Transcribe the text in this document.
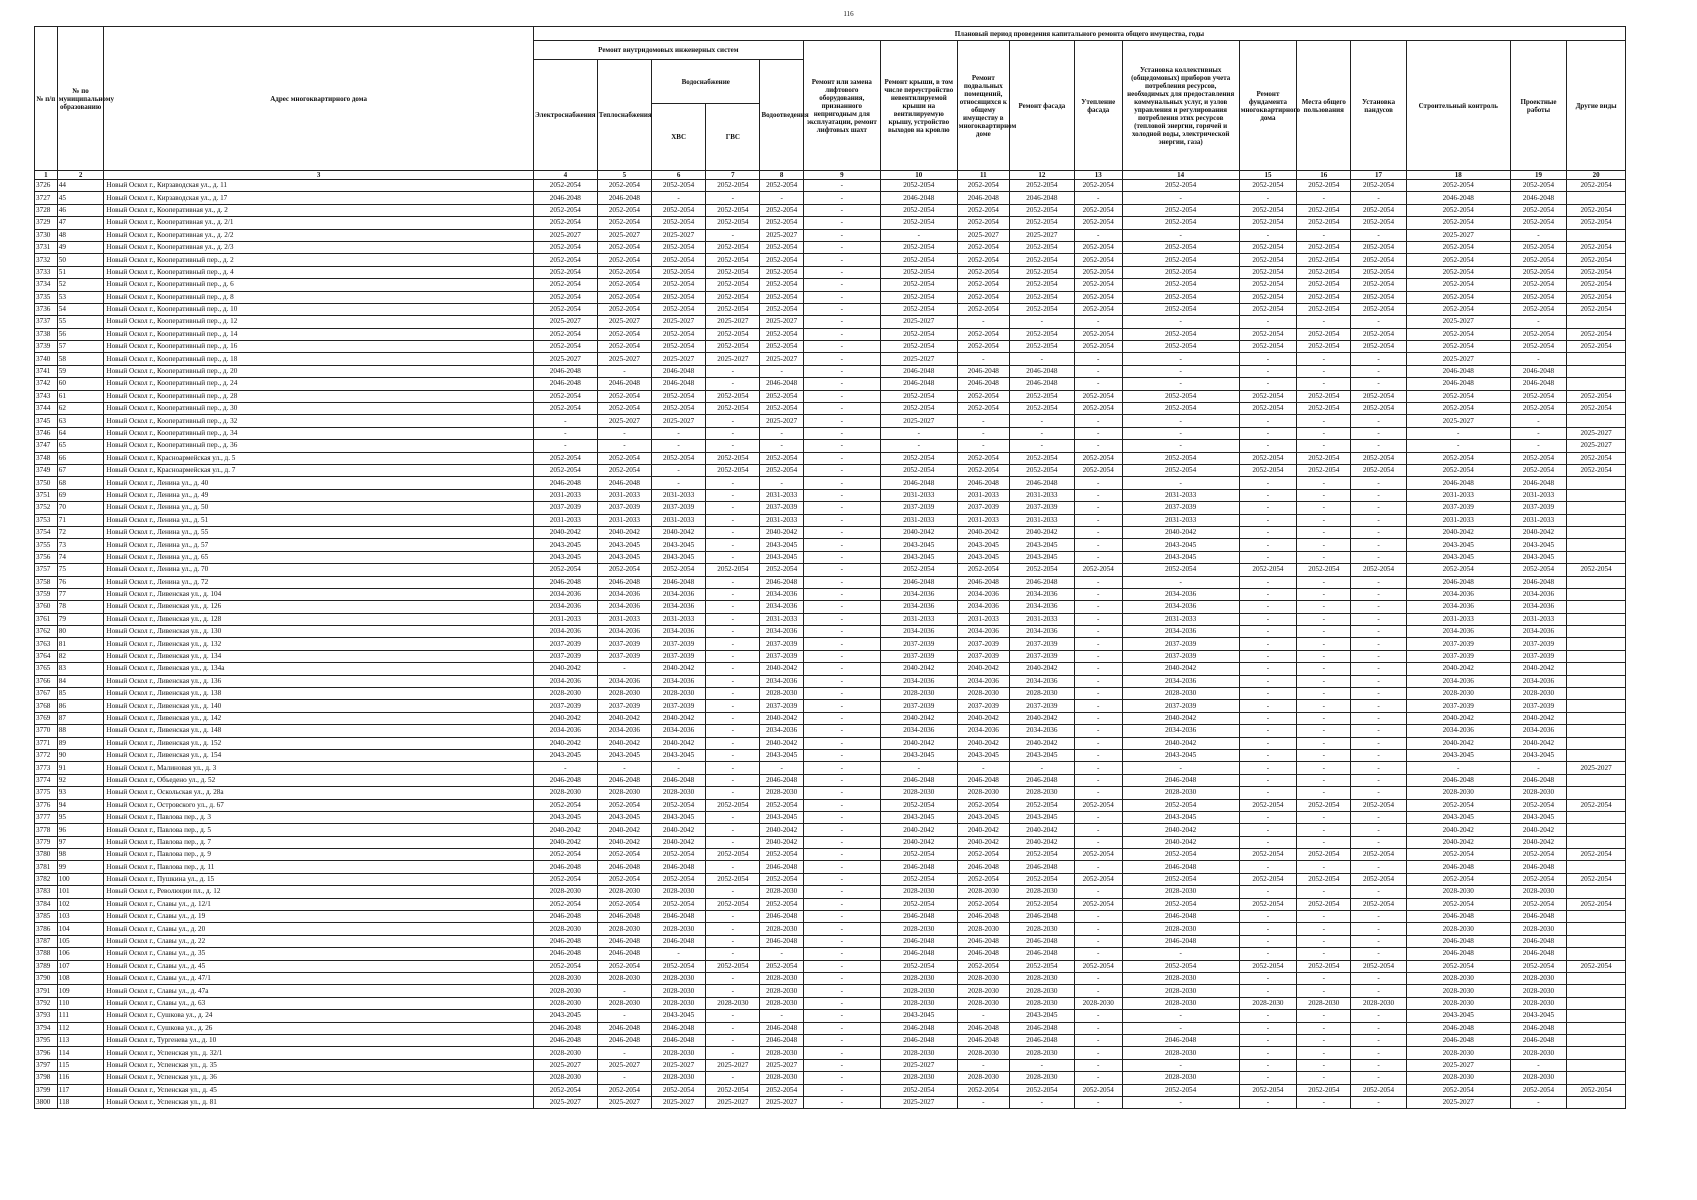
116
№ п/п	№ по муниципальному образованию	Адрес многоквартирного дома	Плановый период проведения капитального ремонта общего имущества, годы																
			Ремонт внутридомовых инженерных систем					Ремонт или замена лифтового оборудования, признанного непригодным для эксплуатации, ремонт лифтовых шахт	Ремонт крыши, в том числе переустройство невентилируемой крыши на вентилируемую крышу, устройство выходов на кровлю	Ремонт подвальных помещений, относящихся к общему имуществу в многоквартирном доме	Ремонт фасада	Утепление фасада	Установка коллективных (общедомовых) приборов учета потребления ресурсов, необходимых для предоставления коммунальных услуг, и узлов управления и регулирования потребления этих ресурсов (тепловой энергии, горячей и холодной воды, электрической энергии, газа)	Ремонт фундамента многоквартирного дома	Места общего пользования	Установка пандусов	Строительный контроль	Проектные работы	Другие виды
			Электроснабжения	Теплоснабжения	Водоснабжение		Водоотведения												
					ХВС	ГВС													
1	2	3	4	5	6	7	8	9	10	11	12	13	14	15	16	17	18	19	20
3726	44	Новый Оскол г., Кирзаводская ул., д. 11	2052-2054	2052-2054	2052-2054	2052-2054	2052-2054	-	2052-2054	2052-2054	2052-2054	2052-2054	2052-2054	2052-2054	2052-2054	2052-2054	2052-2054	2052-2054	2052-2054
3727	45	Новый Оскол г., Кирзаводская ул., д. 17	2046-2048	2046-2048	-	-	-	-	2046-2048	2046-2048	2046-2048	-	-	-	-	-	2046-2048	2046-2048	
3728	46	Новый Оскол г., Кооперативная ул., д. 2	2052-2054	2052-2054	2052-2054	2052-2054	2052-2054	-	2052-2054	2052-2054	2052-2054	2052-2054	2052-2054	2052-2054	2052-2054	2052-2054	2052-2054	2052-2054	2052-2054
3729	47	Новый Оскол г., Кооперативная ул., д. 2/1	2052-2054	2052-2054	2052-2054	2052-2054	2052-2054	-	2052-2054	2052-2054	2052-2054	2052-2054	2052-2054	2052-2054	2052-2054	2052-2054	2052-2054	2052-2054	2052-2054
3730	48	Новый Оскол г., Кооперативная ул., д. 2/2	2025-2027	2025-2027	2025-2027	-	2025-2027	-	-	2025-2027	2025-2027	-	-	-	-	-	2025-2027	-	
3731	49	Новый Оскол г., Кооперативная ул., д. 2/3	2052-2054	2052-2054	2052-2054	2052-2054	2052-2054	-	2052-2054	2052-2054	2052-2054	2052-2054	2052-2054	2052-2054	2052-2054	2052-2054	2052-2054	2052-2054	2052-2054
3732	50	Новый Оскол г., Кооперативный пер., д. 2	2052-2054	2052-2054	2052-2054	2052-2054	2052-2054	-	2052-2054	2052-2054	2052-2054	2052-2054	2052-2054	2052-2054	2052-2054	2052-2054	2052-2054	2052-2054	2052-2054
3733	51	Новый Оскол г., Кооперативный пер., д. 4	2052-2054	2052-2054	2052-2054	2052-2054	2052-2054	-	2052-2054	2052-2054	2052-2054	2052-2054	2052-2054	2052-2054	2052-2054	2052-2054	2052-2054	2052-2054	2052-2054
3734	52	Новый Оскол г., Кооперативный пер., д. 6	2052-2054	2052-2054	2052-2054	2052-2054	2052-2054	-	2052-2054	2052-2054	2052-2054	2052-2054	2052-2054	2052-2054	2052-2054	2052-2054	2052-2054	2052-2054	2052-2054
3735	53	Новый Оскол г., Кооперативный пер., д. 8	2052-2054	2052-2054	2052-2054	2052-2054	2052-2054	-	2052-2054	2052-2054	2052-2054	2052-2054	2052-2054	2052-2054	2052-2054	2052-2054	2052-2054	2052-2054	2052-2054
3736	54	Новый Оскол г., Кооперативный пер., д. 10	2052-2054	2052-2054	2052-2054	2052-2054	2052-2054	-	2052-2054	2052-2054	2052-2054	2052-2054	2052-2054	2052-2054	2052-2054	2052-2054	2052-2054	2052-2054	2052-2054
3737	55	Новый Оскол г., Кооперативный пер., д. 12	2025-2027	2025-2027	2025-2027	2025-2027	2025-2027	-	2025-2027	-	-	-	-	-	-	-	2025-2027	-	
3738	56	Новый Оскол г., Кооперативный пер., д. 14	2052-2054	2052-2054	2052-2054	2052-2054	2052-2054	-	2052-2054	2052-2054	2052-2054	2052-2054	2052-2054	2052-2054	2052-2054	2052-2054	2052-2054	2052-2054	2052-2054
3739	57	Новый Оскол г., Кооперативный пер., д. 16	2052-2054	2052-2054	2052-2054	2052-2054	2052-2054	-	2052-2054	2052-2054	2052-2054	2052-2054	2052-2054	2052-2054	2052-2054	2052-2054	2052-2054	2052-2054	2052-2054
3740	58	Новый Оскол г., Кооперативный пер., д. 18	2025-2027	2025-2027	2025-2027	2025-2027	2025-2027	-	2025-2027	-	-	-	-	-	-	-	2025-2027	-	
3741	59	Новый Оскол г., Кооперативный пер., д. 20	2046-2048	-	2046-2048	-	-	-	2046-2048	2046-2048	2046-2048	-	-	-	-	-	2046-2048	2046-2048	
3742	60	Новый Оскол г., Кооперативный пер., д. 24	2046-2048	2046-2048	2046-2048	-	2046-2048	-	2046-2048	2046-2048	2046-2048	-	-	-	-	-	2046-2048	2046-2048	
3743	61	Новый Оскол г., Кооперативный пер., д. 28	2052-2054	2052-2054	2052-2054	2052-2054	2052-2054	-	2052-2054	2052-2054	2052-2054	2052-2054	2052-2054	2052-2054	2052-2054	2052-2054	2052-2054	2052-2054	2052-2054
3744	62	Новый Оскол г., Кооперативный пер., д. 30	2052-2054	2052-2054	2052-2054	2052-2054	2052-2054	-	2052-2054	2052-2054	2052-2054	2052-2054	2052-2054	2052-2054	2052-2054	2052-2054	2052-2054	2052-2054	2052-2054
3745	63	Новый Оскол г., Кооперативный пер., д. 32	-	2025-2027	2025-2027	-	2025-2027	-	2025-2027	-	-	-	-	-	-	-	2025-2027	-	
3746	64	Новый Оскол г., Кооперативный пер., д. 34	-	-	-	-	-	-	-	-	-	-	-	-	-	-	-	-	2025-2027
3747	65	Новый Оскол г., Кооперативный пер., д. 36	-	-	-	-	-	-	-	-	-	-	-	-	-	-	-	-	2025-2027
3748	66	Новый Оскол г., Красноармейская ул., д. 5	2052-2054	2052-2054	2052-2054	2052-2054	2052-2054	-	2052-2054	2052-2054	2052-2054	2052-2054	2052-2054	2052-2054	2052-2054	2052-2054	2052-2054	2052-2054	2052-2054
3749	67	Новый Оскол г., Красноармейская ул., д. 7	2052-2054	2052-2054	-	2052-2054	2052-2054	-	2052-2054	2052-2054	2052-2054	2052-2054	2052-2054	2052-2054	2052-2054	2052-2054	2052-2054	2052-2054	2052-2054
3750	68	Новый Оскол г., Ленина ул., д. 40	2046-2048	2046-2048	-	-	-	-	2046-2048	2046-2048	2046-2048	-	-	-	-	-	2046-2048	2046-2048	
3751	69	Новый Оскол г., Ленина ул., д. 49	2031-2033	2031-2033	2031-2033	-	2031-2033	-	2031-2033	2031-2033	2031-2033	-	2031-2033	-	-	-	2031-2033	2031-2033	
3752	70	Новый Оскол г., Ленина ул., д. 50	2037-2039	2037-2039	2037-2039	-	2037-2039	-	2037-2039	2037-2039	2037-2039	-	2037-2039	-	-	-	2037-2039	2037-2039	
3753	71	Новый Оскол г., Ленина ул., д. 51	2031-2033	2031-2033	2031-2033	-	2031-2033	-	2031-2033	2031-2033	2031-2033	-	2031-2033	-	-	-	2031-2033	2031-2033	
3754	72	Новый Оскол г., Ленина ул., д. 55	2040-2042	2040-2042	2040-2042	-	2040-2042	-	2040-2042	2040-2042	2040-2042	-	2040-2042	-	-	-	2040-2042	2040-2042	
3755	73	Новый Оскол г., Ленина ул., д. 57	2043-2045	2043-2045	2043-2045	-	2043-2045	-	2043-2045	2043-2045	2043-2045	-	2043-2045	-	-	-	2043-2045	2043-2045	
3756	74	Новый Оскол г., Ленина ул., д. 65	2043-2045	2043-2045	2043-2045	-	2043-2045	-	2043-2045	2043-2045	2043-2045	-	2043-2045	-	-	-	2043-2045	2043-2045	
3757	75	Новый Оскол г., Ленина ул., д. 70	2052-2054	2052-2054	2052-2054	2052-2054	2052-2054	-	2052-2054	2052-2054	2052-2054	2052-2054	2052-2054	2052-2054	2052-2054	2052-2054	2052-2054	2052-2054	2052-2054
3758	76	Новый Оскол г., Ленина ул., д. 72	2046-2048	2046-2048	2046-2048	-	2046-2048	-	2046-2048	2046-2048	2046-2048	-	-	-	-	-	2046-2048	2046-2048	
3759	77	Новый Оскол г., Ливенская ул., д. 104	2034-2036	2034-2036	2034-2036	-	2034-2036	-	2034-2036	2034-2036	2034-2036	-	2034-2036	-	-	-	2034-2036	2034-2036	
3760	78	Новый Оскол г., Ливенская ул., д. 126	2034-2036	2034-2036	2034-2036	-	2034-2036	-	2034-2036	2034-2036	2034-2036	-	2034-2036	-	-	-	2034-2036	2034-2036	
3761	79	Новый Оскол г., Ливенская ул., д. 128	2031-2033	2031-2033	2031-2033	-	2031-2033	-	2031-2033	2031-2033	2031-2033	-	2031-2033	-	-	-	2031-2033	2031-2033	
3762	80	Новый Оскол г., Ливенская ул., д. 130	2034-2036	2034-2036	2034-2036	-	2034-2036	-	2034-2036	2034-2036	2034-2036	-	2034-2036	-	-	-	2034-2036	2034-2036	
3763	81	Новый Оскол г., Ливенская ул., д. 132	2037-2039	2037-2039	2037-2039	-	2037-2039	-	2037-2039	2037-2039	2037-2039	-	2037-2039	-	-	-	2037-2039	2037-2039	
3764	82	Новый Оскол г., Ливенская ул., д. 134	2037-2039	2037-2039	2037-2039	-	2037-2039	-	2037-2039	2037-2039	2037-2039	-	2037-2039	-	-	-	2037-2039	2037-2039	
3765	83	Новый Оскол г., Ливенская ул., д. 134а	2040-2042	-	2040-2042	-	2040-2042	-	2040-2042	2040-2042	2040-2042	-	2040-2042	-	-	-	2040-2042	2040-2042	
3766	84	Новый Оскол г., Ливенская ул., д. 136	2034-2036	2034-2036	2034-2036	-	2034-2036	-	2034-2036	2034-2036	2034-2036	-	2034-2036	-	-	-	2034-2036	2034-2036	
3767	85	Новый Оскол г., Ливенская ул., д. 138	2028-2030	2028-2030	2028-2030	-	2028-2030	-	2028-2030	2028-2030	2028-2030	-	2028-2030	-	-	-	2028-2030	2028-2030	
3768	86	Новый Оскол г., Ливенская ул., д. 140	2037-2039	2037-2039	2037-2039	-	2037-2039	-	2037-2039	2037-2039	2037-2039	-	2037-2039	-	-	-	2037-2039	2037-2039	
3769	87	Новый Оскол г., Ливенская ул., д. 142	2040-2042	2040-2042	2040-2042	-	2040-2042	-	2040-2042	2040-2042	2040-2042	-	2040-2042	-	-	-	2040-2042	2040-2042	
3770	88	Новый Оскол г., Ливенская ул., д. 148	2034-2036	2034-2036	2034-2036	-	2034-2036	-	2034-2036	2034-2036	2034-2036	-	2034-2036	-	-	-	2034-2036	2034-2036	
3771	89	Новый Оскол г., Ливенская ул., д. 152	2040-2042	2040-2042	2040-2042	-	2040-2042	-	2040-2042	2040-2042	2040-2042	-	2040-2042	-	-	-	2040-2042	2040-2042	
3772	90	Новый Оскол г., Ливенская ул., д. 154	2043-2045	2043-2045	2043-2045	-	2043-2045	-	2043-2045	2043-2045	2043-2045	-	2043-2045	-	-	-	2043-2045	2043-2045	
3773	91	Новый Оскол г., Малиновая ул., д. 3	-	-	-	-	-	-	-	-	-	-	-	-	-	-	-	-	2025-2027
3774	92	Новый Оскол г., Объедено ул., д. 52	2046-2048	2046-2048	2046-2048	-	2046-2048	-	2046-2048	2046-2048	2046-2048	-	2046-2048	-	-	-	2046-2048	2046-2048	
3775	93	Новый Оскол г., Оскольская ул., д. 28а	2028-2030	2028-2030	2028-2030	-	2028-2030	-	2028-2030	2028-2030	2028-2030	-	2028-2030	-	-	-	2028-2030	2028-2030	
3776	94	Новый Оскол г., Островского ул., д. 67	2052-2054	2052-2054	2052-2054	2052-2054	2052-2054	-	2052-2054	2052-2054	2052-2054	2052-2054	2052-2054	2052-2054	2052-2054	2052-2054	2052-2054	2052-2054	2052-2054
3777	95	Новый Оскол г., Павлова пер., д. 3	2043-2045	2043-2045	2043-2045	-	2043-2045	-	2043-2045	2043-2045	2043-2045	-	2043-2045	-	-	-	2043-2045	2043-2045	
3778	96	Новый Оскол г., Павлова пер., д. 5	2040-2042	2040-2042	2040-2042	-	2040-2042	-	2040-2042	2040-2042	2040-2042	-	2040-2042	-	-	-	2040-2042	2040-2042	
3779	97	Новый Оскол г., Павлова пер., д. 7	2040-2042	2040-2042	2040-2042	-	2040-2042	-	2040-2042	2040-2042	2040-2042	-	2040-2042	-	-	-	2040-2042	2040-2042	
3780	98	Новый Оскол г., Павлова пер., д. 9	2052-2054	2052-2054	2052-2054	2052-2054	2052-2054	-	2052-2054	2052-2054	2052-2054	2052-2054	2052-2054	2052-2054	2052-2054	2052-2054	2052-2054	2052-2054	2052-2054
3781	99	Новый Оскол г., Павлова пер., д. 11	2046-2048	2046-2048	2046-2048	-	2046-2048	-	2046-2048	2046-2048	2046-2048	-	2046-2048	-	-	-	2046-2048	2046-2048	
3782	100	Новый Оскол г., Пушкина ул., д. 15	2052-2054	2052-2054	2052-2054	2052-2054	2052-2054	-	2052-2054	2052-2054	2052-2054	2052-2054	2052-2054	2052-2054	2052-2054	2052-2054	2052-2054	2052-2054	2052-2054
3783	101	Новый Оскол г., Революции пл., д. 12	2028-2030	2028-2030	2028-2030	-	2028-2030	-	2028-2030	2028-2030	2028-2030	-	2028-2030	-	-	-	2028-2030	2028-2030	
3784	102	Новый Оскол г., Славы ул., д. 12/1	2052-2054	2052-2054	2052-2054	2052-2054	2052-2054	-	2052-2054	2052-2054	2052-2054	2052-2054	2052-2054	2052-2054	2052-2054	2052-2054	2052-2054	2052-2054	2052-2054
3785	103	Новый Оскол г., Славы ул., д. 19	2046-2048	2046-2048	2046-2048	-	2046-2048	-	2046-2048	2046-2048	2046-2048	-	2046-2048	-	-	-	2046-2048	2046-2048	
3786	104	Новый Оскол г., Славы ул., д. 20	2028-2030	2028-2030	2028-2030	-	2028-2030	-	2028-2030	2028-2030	2028-2030	-	2028-2030	-	-	-	2028-2030	2028-2030	
3787	105	Новый Оскол г., Славы ул., д. 22	2046-2048	2046-2048	2046-2048	-	2046-2048	-	2046-2048	2046-2048	2046-2048	-	2046-2048	-	-	-	2046-2048	2046-2048	
3788	106	Новый Оскол г., Славы ул., д. 35	2046-2048	2046-2048	-	-	-	-	2046-2048	2046-2048	2046-2048	-	-	-	-	-	2046-2048	2046-2048	
3789	107	Новый Оскол г., Славы ул., д. 45	2052-2054	2052-2054	2052-2054	2052-2054	2052-2054	-	2052-2054	2052-2054	2052-2054	2052-2054	2052-2054	2052-2054	2052-2054	2052-2054	2052-2054	2052-2054	2052-2054
3790	108	Новый Оскол г., Славы ул., д. 47/1	2028-2030	2028-2030	2028-2030	-	2028-2030	-	2028-2030	2028-2030	2028-2030	-	2028-2030	-	-	-	2028-2030	2028-2030	
3791	109	Новый Оскол г., Славы ул., д. 47а	2028-2030	-	2028-2030	-	2028-2030	-	2028-2030	2028-2030	2028-2030	-	2028-2030	-	-	-	2028-2030	2028-2030	
3792	110	Новый Оскол г., Славы ул., д. 63	2028-2030	2028-2030	2028-2030	2028-2030	2028-2030	-	2028-2030	2028-2030	2028-2030	2028-2030	2028-2030	2028-2030	2028-2030	2028-2030	2028-2030	2028-2030	
3793	111	Новый Оскол г., Сушкова ул., д. 24	2043-2045	-	2043-2045	-	-	-	2043-2045	-	2043-2045	-	-	-	-	-	2043-2045	2043-2045	
3794	112	Новый Оскол г., Сушкова ул., д. 26	2046-2048	2046-2048	2046-2048	-	2046-2048	-	2046-2048	2046-2048	2046-2048	-	-	-	-	-	2046-2048	2046-2048	
3795	113	Новый Оскол г., Тургенева ул., д. 10	2046-2048	2046-2048	2046-2048	-	2046-2048	-	2046-2048	2046-2048	2046-2048	-	2046-2048	-	-	-	2046-2048	2046-2048	
3796	114	Новый Оскол г., Успенская ул., д. 32/1	2028-2030	-	2028-2030	-	2028-2030	-	2028-2030	2028-2030	2028-2030	-	2028-2030	-	-	-	2028-2030	2028-2030	
3797	115	Новый Оскол г., Успенская ул., д. 35	2025-2027	2025-2027	2025-2027	2025-2027	2025-2027	-	2025-2027	-	-	-	-	-	-	-	2025-2027	-	
3798	116	Новый Оскол г., Успенская ул., д. 36	2028-2030	-	2028-2030	-	2028-2030	-	2028-2030	2028-2030	2028-2030	-	2028-2030	-	-	-	2028-2030	2028-2030	
3799	117	Новый Оскол г., Успенская ул., д. 45	2052-2054	2052-2054	2052-2054	2052-2054	2052-2054	-	2052-2054	2052-2054	2052-2054	2052-2054	2052-2054	2052-2054	2052-2054	2052-2054	2052-2054	2052-2054	2052-2054
3800	118	Новый Оскол г., Успенская ул., д. 81	2025-2027	2025-2027	2025-2027	2025-2027	2025-2027	-	2025-2027	-	-	-	-	-	-	-	2025-2027	-	
